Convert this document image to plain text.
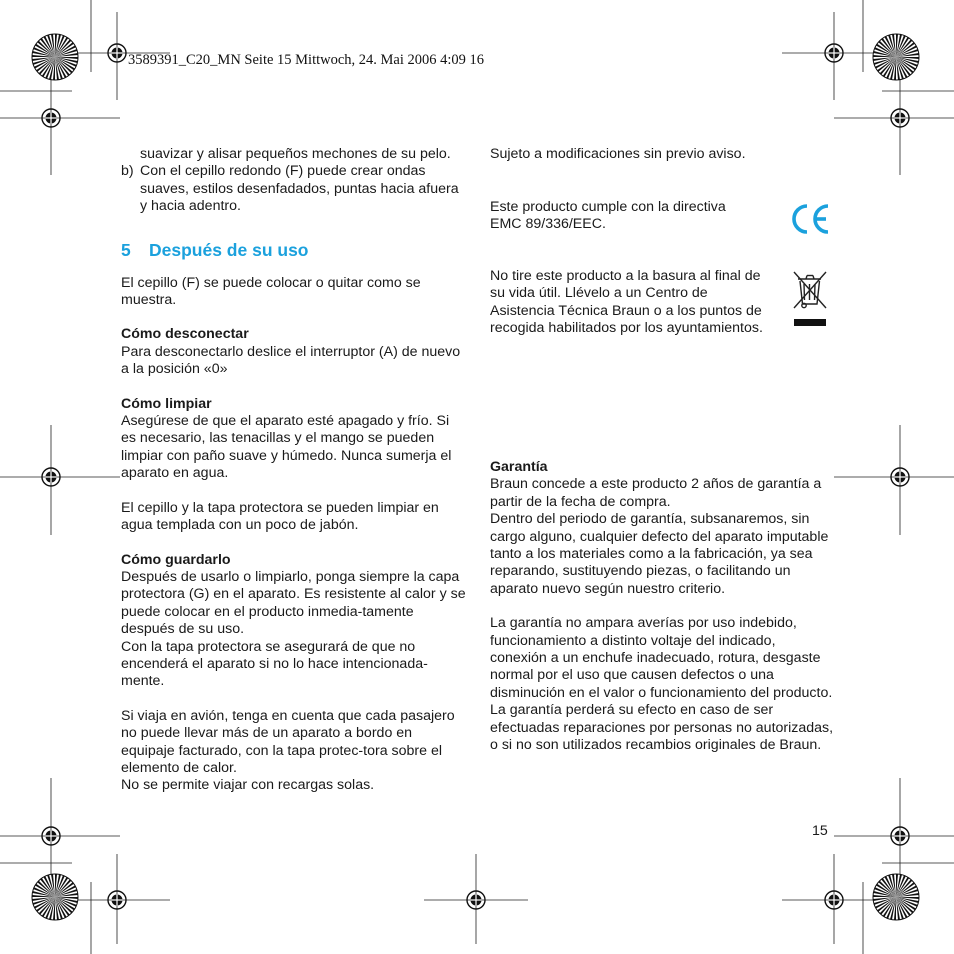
3589391_C20_MN Seite 15 Mittwoch, 24. Mai 2006 4:09 16

suavizar y alisar pequeños mechones de su pelo.

b) Con el cepillo redondo (F) puede crear ondas suaves, estilos desenfadados, puntas hacia afuera y hacia adentro.

5 Después de su uso

El cepillo (F) se puede colocar o quitar como se muestra.

Cómo desconectar

Para desconectarlo deslice el interruptor (A) de nuevo a la posición «0»

Cómo limpiar

Asegúrese de que el aparato esté apagado y frío. Si es necesario, las tenacillas y el mango se pueden limpiar con paño suave y húmedo. Nunca sumerja el aparato en agua.

El cepillo y la tapa protectora se pueden limpiar en agua templada con un poco de jabón.

Cómo guardarlo

Después de usarlo o limpiarlo, ponga siempre la capa protectora (G) en el aparato. Es resistente al calor y se puede colocar en el producto inmedia-tamente después de su uso.

Con la tapa protectora se asegurará de que no encenderá el aparato si no lo hace intencionada-mente.

Si viaja en avión, tenga en cuenta que cada pasajero no puede llevar más de un aparato a bordo en equipaje facturado, con la tapa protec-tora sobre el elemento de calor.

No se permite viajar con recargas solas.

Sujeto a modificaciones sin previo aviso.

Este producto cumple con la directiva

EMC 89/336/EEC.

No tire este producto a la basura al final de su vida útil. Llévelo a un Centro de Asistencia Técnica Braun o a los puntos de recogida habilitados por los ayuntamientos.

Garantía

Braun concede a este producto 2 años de garantía a partir de la fecha de compra.

Dentro del periodo de garantía, subsanaremos, sin cargo alguno, cualquier defecto del aparato imputable tanto a los materiales como a la fabricación, ya sea reparando, sustituyendo piezas, o facilitando un aparato nuevo según nuestro criterio.

La garantía no ampara averías por uso indebido, funcionamiento a distinto voltaje del indicado, conexión a un enchufe inadecuado, rotura, desgaste normal por el uso que causen defectos o una disminución en el valor o funcionamiento del producto.

La garantía perderá su efecto en caso de ser efectuadas reparaciones por personas no autorizadas, o si no son utilizados recambios originales de Braun.

15
